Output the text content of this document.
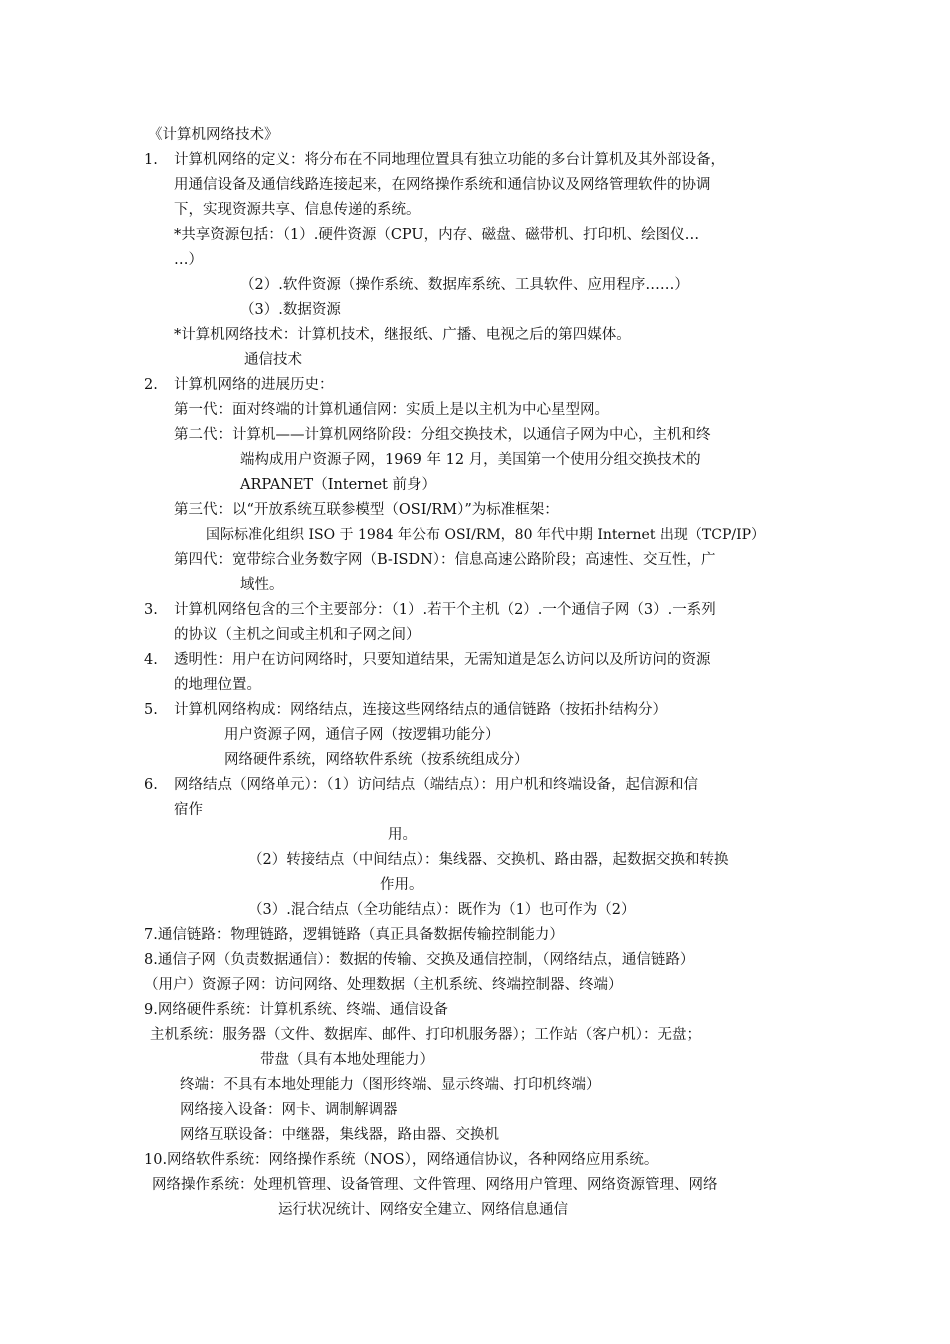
《计算机网络技术》
1. 计算机网络的定义：将分布在不同地理位置具有独立功能的多台计算机及其外部设备，
用通信设备及通信线路连接起来，在网络操作系统和通信协议及网络管理软件的协调
下，实现资源共享、信息传递的系统。
*共享资源包括：（1）.硬件资源（CPU，内存、磁盘、磁带机、打印机、绘图仪…
…）
（2）.软件资源（操作系统、数据库系统、工具软件、应用程序……）
（3）.数据资源
*计算机网络技术：计算机技术，继报纸、广播、电视之后的第四媒体。
通信技术
2. 计算机网络的进展历史：
第一代：面对终端的计算机通信网：实质上是以主机为中心星型网。
第二代：计算机——计算机网络阶段：分组交换技术，以通信子网为中心，主机和终
端构成用户资源子网，1969 年 12 月，美国第一个使用分组交换技术的
ARPANET（Internet 前身）
第三代：以“开放系统互联参模型（OSI/RM）”为标准框架：
国际标准化组织 ISO 于 1984 年公布 OSI/RM，80 年代中期 Internet 出现（TCP/IP）
第四代：宽带综合业务数字网（B-ISDN）：信息高速公路阶段；高速性、交互性，广
域性。
3. 计算机网络包含的三个主要部分：（1）.若干个主机（2）.一个通信子网（3）.一系列
的协议（主机之间或主机和子网之间）
4. 透明性：用户在访问网络时，只要知道结果，无需知道是怎么访问以及所访问的资源
的地理位置。
5. 计算机网络构成：网络结点，连接这些网络结点的通信链路（按拓扑结构分）
用户资源子网，通信子网（按逻辑功能分）
网络硬件系统，网络软件系统（按系统组成分）
6. 网络结点（网络单元）：（1）访问结点（端结点）：用户机和终端设备，起信源和信
宿作
用。
（2）转接结点（中间结点）：集线器、交换机、路由器，起数据交换和转换
作用。
（3）.混合结点（全功能结点）：既作为（1）也可作为（2）
7.通信链路：物理链路，逻辑链路（真正具备数据传输控制能力）
8.通信子网（负责数据通信）：数据的传输、交换及通信控制，（网络结点，通信链路）
（用户）资源子网：访问网络、处理数据（主机系统、终端控制器、终端）
9.网络硬件系统：计算机系统、终端、通信设备
主机系统：服务器（文件、数据库、邮件、打印机服务器）；工作站（客户机）：无盘；
带盘（具有本地处理能力）
终端：不具有本地处理能力（图形终端、显示终端、打印机终端）
网络接入设备：网卡、调制解调器
网络互联设备：中继器，集线器，路由器、交换机
10.网络软件系统：网络操作系统（NOS），网络通信协议，各种网络应用系统。
网络操作系统：处理机管理、设备管理、文件管理、网络用户管理、网络资源管理、网络
运行状况统计、网络安全建立、网络信息通信
